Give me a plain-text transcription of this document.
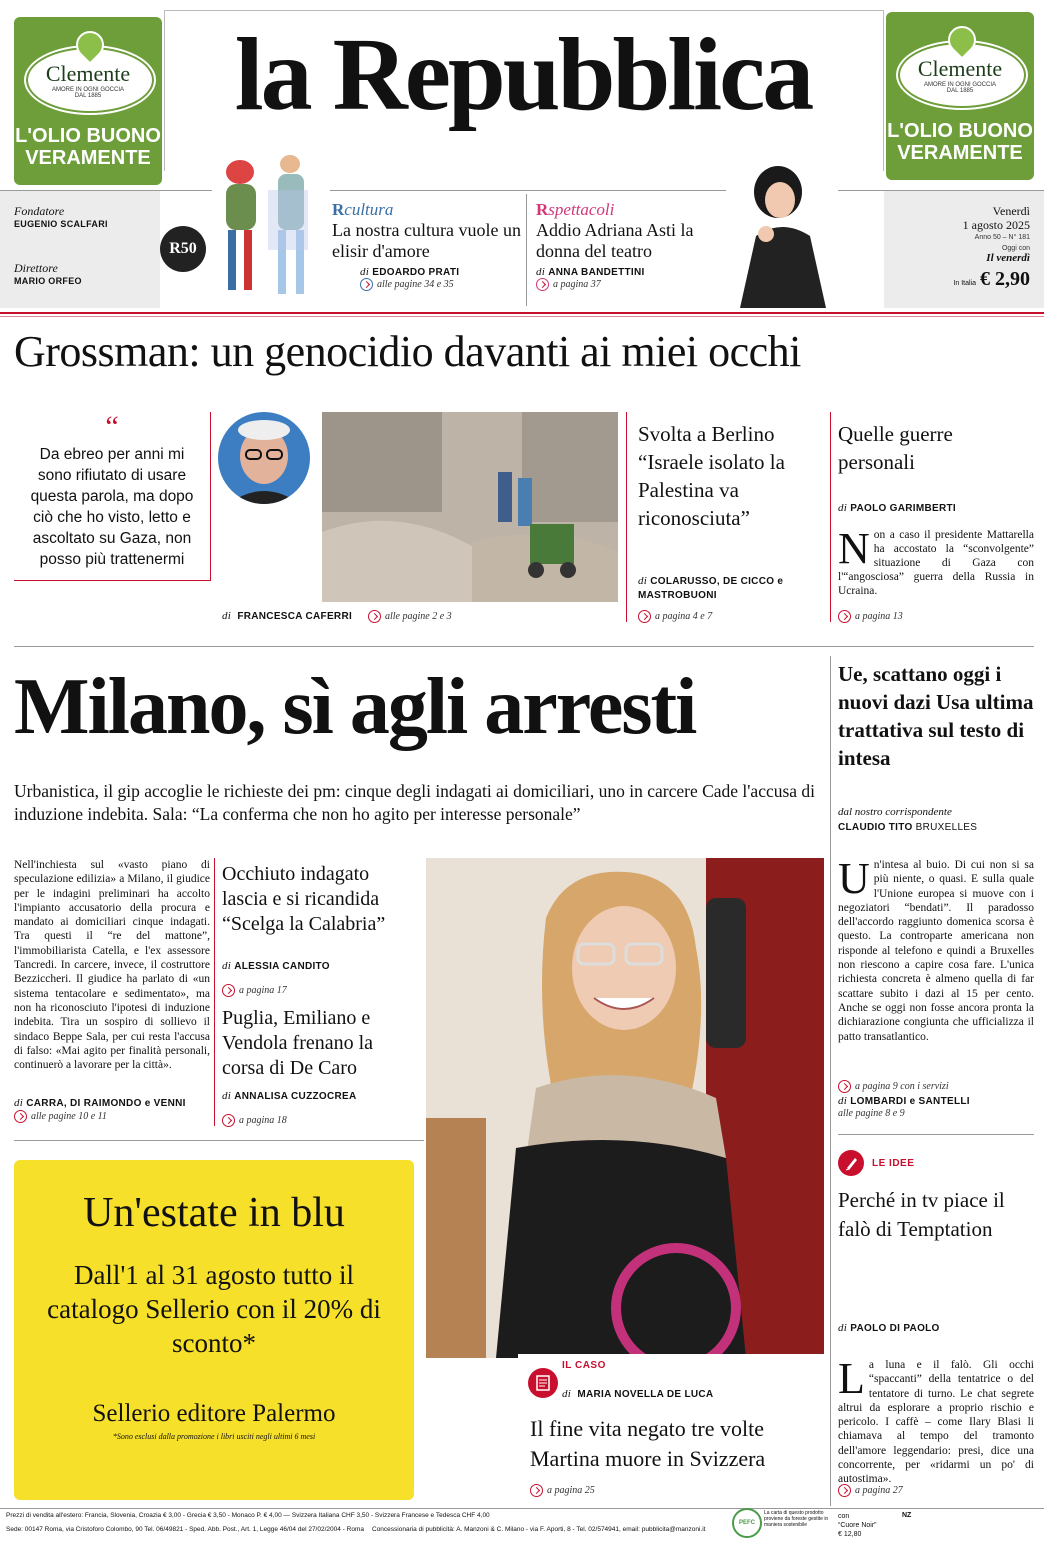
Clemente
AMORE IN OGNI GOCCIA
DAL 1885
L'OLIO BUONO
VERAMENTE
Clemente
AMORE IN OGNI GOCCIA
DAL 1885
L'OLIO BUONO
VERAMENTE
la Repubblica
Fondatore
EUGENIO SCALFARI
Direttore
MARIO ORFEO
R50
Venerdì
1 agosto 2025
Anno 50 – N° 181
Oggi con
Il venerdì
In Italia € 2,90
Rcultura
La nostra cultura vuole un elisir d'amore
di EDOARDO PRATI
alle pagine 34 e 35
Rspettacoli
Addio Adriana Asti la donna del teatro
di ANNA BANDETTINI
a pagina 37
Grossman: un genocidio davanti ai miei occhi
“
Da ebreo per anni mi sono rifiutato di usare questa parola, ma dopo ciò che ho visto, letto e ascoltato su Gaza, non posso più trattenermi
di FRANCESCA CAFERRI	alle pagine 2 e 3
Svolta a Berlino “Israele isolato la Palestina va riconosciuta”
di COLARUSSO, DE CICCO e MASTROBUONI
a pagina 4 e 7
Quelle guerre personali
di PAOLO GARIMBERTI
Non a caso il presidente Mattarella ha accostato la “sconvolgente” situazione di Gaza con l'“angosciosa” guerra della Russia in Ucraina.
a pagina 13
Milano, sì agli arresti
Urbanistica, il gip accoglie le richieste dei pm: cinque degli indagati ai domiciliari, uno in carcere Cade l'accusa di induzione indebita. Sala: “La conferma che non ho agito per interesse personale”
Nell'inchiesta sul «vasto piano di speculazione edilizia» a Milano, il giudice per le indagini preliminari ha accolto l'impianto accusatorio della procura e mandato ai domiciliari cinque indagati. Tra questi il “re del mattone”, l'immobiliarista Catella, e l'ex assessore Tancredi. In carcere, invece, il costruttore Bezziccheri. Il giudice ha parlato di «un sistema tentacolare e sedimentato», ma non ha riconosciuto l'ipotesi di induzione indebita. Tira un sospiro di sollievo il sindaco Beppe Sala, per cui resta l'accusa di falso: «Mai agito per finalità personali, continuerò a lavorare per la città».
di CARRA, DI RAIMONDO e VENNI
alle pagine 10 e 11
Occhiuto indagato lascia e si ricandida “Scelga la Calabria”
di ALESSIA CANDITO
a pagina 17
Puglia, Emiliano e Vendola frenano la corsa di De Caro
di ANNALISA CUZZOCREA
a pagina 18
IL CASO
di MARIA NOVELLA DE LUCA
Il fine vita negato tre volte Martina muore in Svizzera
a pagina 25
Ue, scattano oggi i nuovi dazi Usa ultima trattativa sul testo di intesa
dal nostro corrispondente
CLAUDIO TITO BRUXELLES
Un'intesa al buio. Di cui non si sa più niente, o quasi. E sulla quale l'Unione europea si muove con i negoziatori “bendati”. Il paradosso dell'accordo raggiunto domenica scorsa è questo. La controparte americana non risponde al telefono e quindi a Bruxelles non riescono a capire cosa fare. L'unica richiesta concreta è almeno quella di far scattare subito i dazi al 15 per cento. Anche se oggi non fosse ancora pronta la dichiarazione congiunta che ufficializza il patto transatlantico.
a pagina 9 con i servizi
di LOMBARDI e SANTELLI
alle pagine 8 e 9
LE IDEE
Perché in tv piace il falò di Temptation
di PAOLO DI PAOLO
La luna e il falò. Gli occhi “spaccanti” della tentatrice o del tentatore di turno. Le chat segrete altrui da esplorare a proprio rischio e pericolo. I caffè – come Ilary Blasi li chiamava al tempo del tramonto dell'amore leggendario: presi, dice una concorrente, per «ridarmi un po' di autostima».
a pagina 27
Un'estate in blu
Dall'1 al 31 agosto tutto il catalogo Sellerio con il 20% di sconto*
Sellerio editore Palermo
*Sono esclusi dalla promozione i libri usciti negli ultimi 6 mesi
Prezzi di vendita all'estero: Francia, Slovenia, Croazia € 3,00 - Grecia € 3,50 - Monaco P. € 4,00 — Svizzera Italiana CHF 3,50 - Svizzera Francese e Tedesca CHF 4,00
Sede: 00147 Roma, via Cristoforo Colombo, 90 Tel. 06/49821 - Sped. Abb. Post., Art. 1, Legge 46/04 del 27/02/2004 - Roma	Concessionaria di pubblicità: A. Manzoni & C. Milano - via F. Aporti, 8 - Tel. 02/574941, email: pubblicita@manzoni.it
PEFC
La carta di questo prodotto proviene da foreste gestite in maniera sostenibile
con
“Cuore Noir”
€ 12,80
NZ
